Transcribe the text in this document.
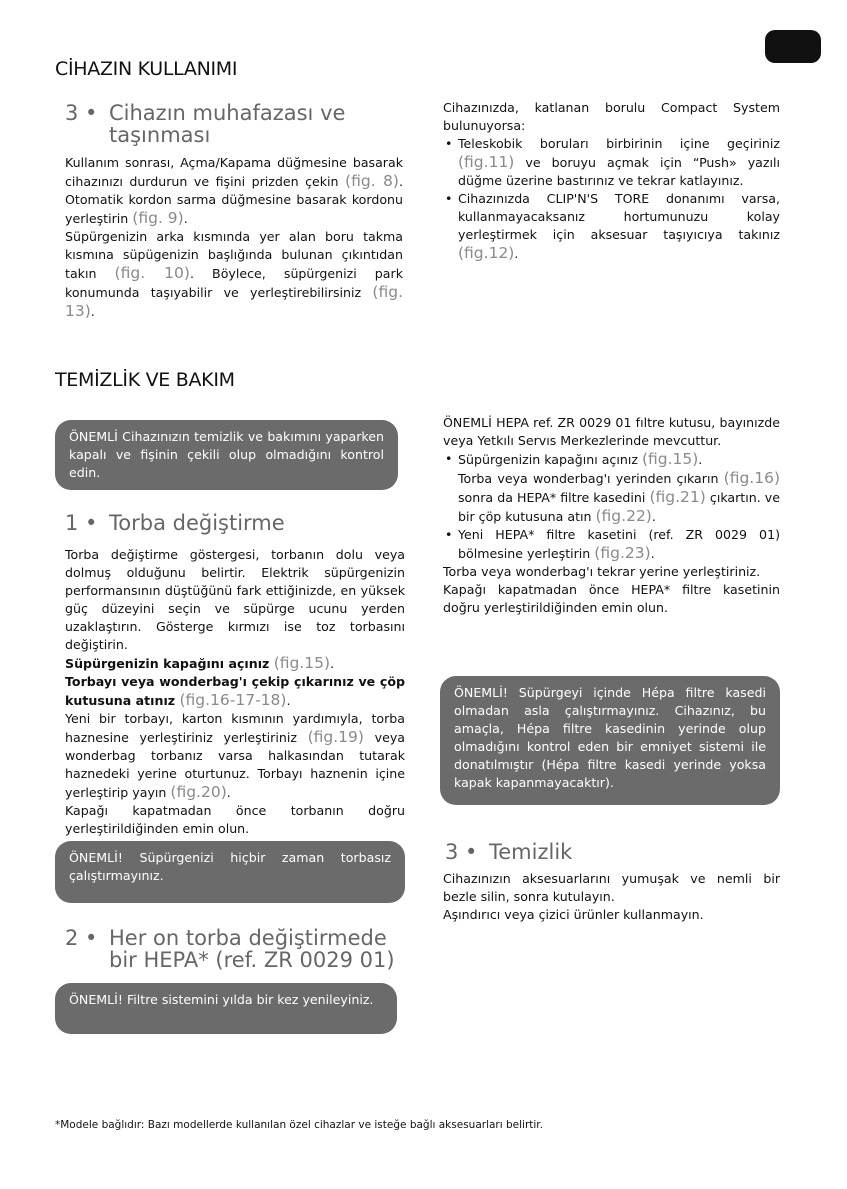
CİHAZIN KULLANIMI
3 • Cihazın muhafazası ve
taşınması

Kullanım sonrası, Açma/Kapama düğmesine basarak cihazınızı durdurun ve fişini prizden çekin (fig. 8). Otomatik kordon sarma düğmesine basarak kordonu yerleştirin (fig. 9).

Süpürgenizin arka kısmında yer alan boru takma kısmına süpügenizin başlığında bulunan çıkıntıdan takın (fig. 10). Böylece, süpürgenizi park konumunda taşıyabilir ve yerleştirebilirsiniz (fig. 13).

Cihazınızda, katlanan borulu Compact System bulunuyorsa:

• Teleskobik boruları birbirinin içine geçiriniz (fig.11) ve boruyu açmak için “Push» yazılı düğme üzerine bastırınız ve tekrar katlayınız.

• Cihazınızda CLIP'N'S TORE donanımı varsa, kullanmayacaksanız hortumunuzu kolay yerleştirmek için aksesuar taşıyıcıya takınız (fig.12).

TEMİZLİK VE BAKIM
ÖNEMLİ Cihazınızın temizlik ve bakımını yaparken kapalı ve fişinin çekili olup olmadığını kontrol edin.
1 • Torba değiştirme

Torba değiştirme göstergesi, torbanın dolu veya dolmuş olduğunu belirtir. Elektrik süpürgenizin performansının düştüğünü fark ettiğinizde, en yüksek güç düzeyini seçin ve süpürge ucunu yerden uzaklaştırın. Gösterge kırmızı ise toz torbasını değiştirin.

Süpürgenizin kapağını açınız (fig.15).

Torbayı veya wonderbag'ı çekip çıkarınız ve çöp kutusuna atınız (fig.16-17-18).

Yeni bir torbayı, karton kısmının yardımıyla, torba haznesine yerleştiriniz yerleştiriniz (fig.19) veya wonderbag torbanız varsa halkasından tutarak haznedeki yerine oturtunuz. Torbayı haznenin içine yerleştirip yayın (fig.20).

Kapağı kapatmadan önce torbanın doğru yerleştirildiğinden emin olun.

ÖNEMLİ! Süpürgenizi hiçbir zaman torbasız çalıştırmayınız.
2 • Her on torba değiştirmede
bir HEPA* (ref. ZR 0029 01)
ÖNEMLİ! Filtre sistemini yılda bir kez yenileyiniz.

ÖNEMLİ HEPA ref. ZR 0029 01 fıltre kutusu, bayınızde veya Yetkılı Servıs Merkezlerinde mevcuttur.

• Süpürgenizin kapağını açınız (fig.15).

Torba veya wonderbag'ı yerinden çıkarın (fig.16) sonra da HEPA* filtre kasedini (fig.21) çıkartın. ve bir çöp kutusuna atın (fig.22).

• Yeni HEPA* filtre kasetini (ref. ZR 0029 01) bölmesine yerleştirin (fig.23).

Torba veya wonderbag'ı tekrar yerine yerleştiriniz.

Kapağı kapatmadan önce HEPA* filtre kasetinin doğru yerleştirildiğinden emin olun.

ÖNEMLİ! Süpürgeyi içinde Hépa filtre kasedi olmadan asla çalıştırmayınız. Cihazınız, bu amaçla, Hépa filtre kasedinin yerinde olup olmadığını kontrol eden bir emniyet sistemi ile donatılmıştır (Hépa filtre kasedi yerinde yoksa kapak kapanmayacaktır).
3 • Temizlik

Cihazınızın aksesuarlarını yumuşak ve nemli bir bezle silin, sonra kutulayın.

Aşındırıcı veya çizici ürünler kullanmayın.

*Modele bağlıdır: Bazı modellerde kullanılan özel cihazlar ve isteğe bağlı aksesuarları belirtir.
